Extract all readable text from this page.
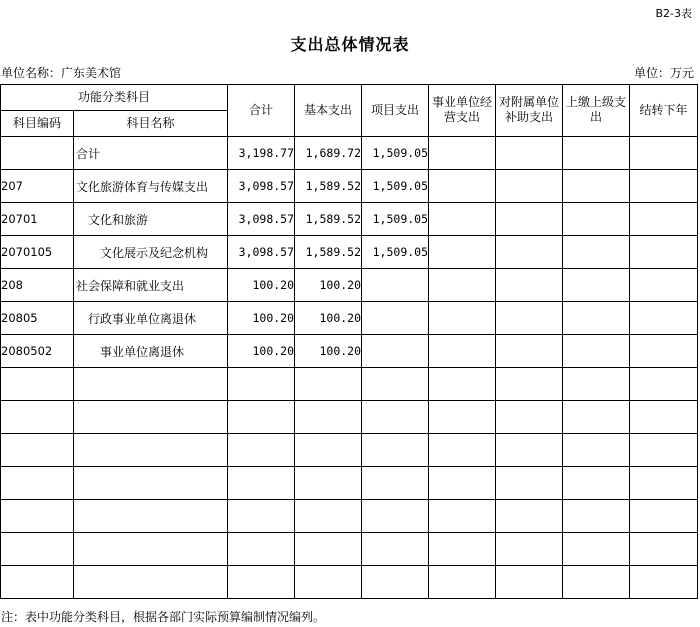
B2-3表
支出总体情况表
单位名称：广东美术馆	单位：万元
功能分类科目		合计	基本支出	项目支出	事业单位经营支出	对附属单位补助支出	上缴上级支出	结转下年
科目编码	科目名称							
	合计	3,198.77	1,689.72	1,509.05				
207	文化旅游体育与传媒支出	3,098.57	1,589.52	1,509.05				
20701	文化和旅游	3,098.57	1,589.52	1,509.05				
2070105	文化展示及纪念机构	3,098.57	1,589.52	1,509.05				
208	社会保障和就业支出	100.20	100.20					
20805	行政事业单位离退休	100.20	100.20					
2080502	事业单位离退休	100.20	100.20					

注：表中功能分类科目，根据各部门实际预算编制情况编列。
